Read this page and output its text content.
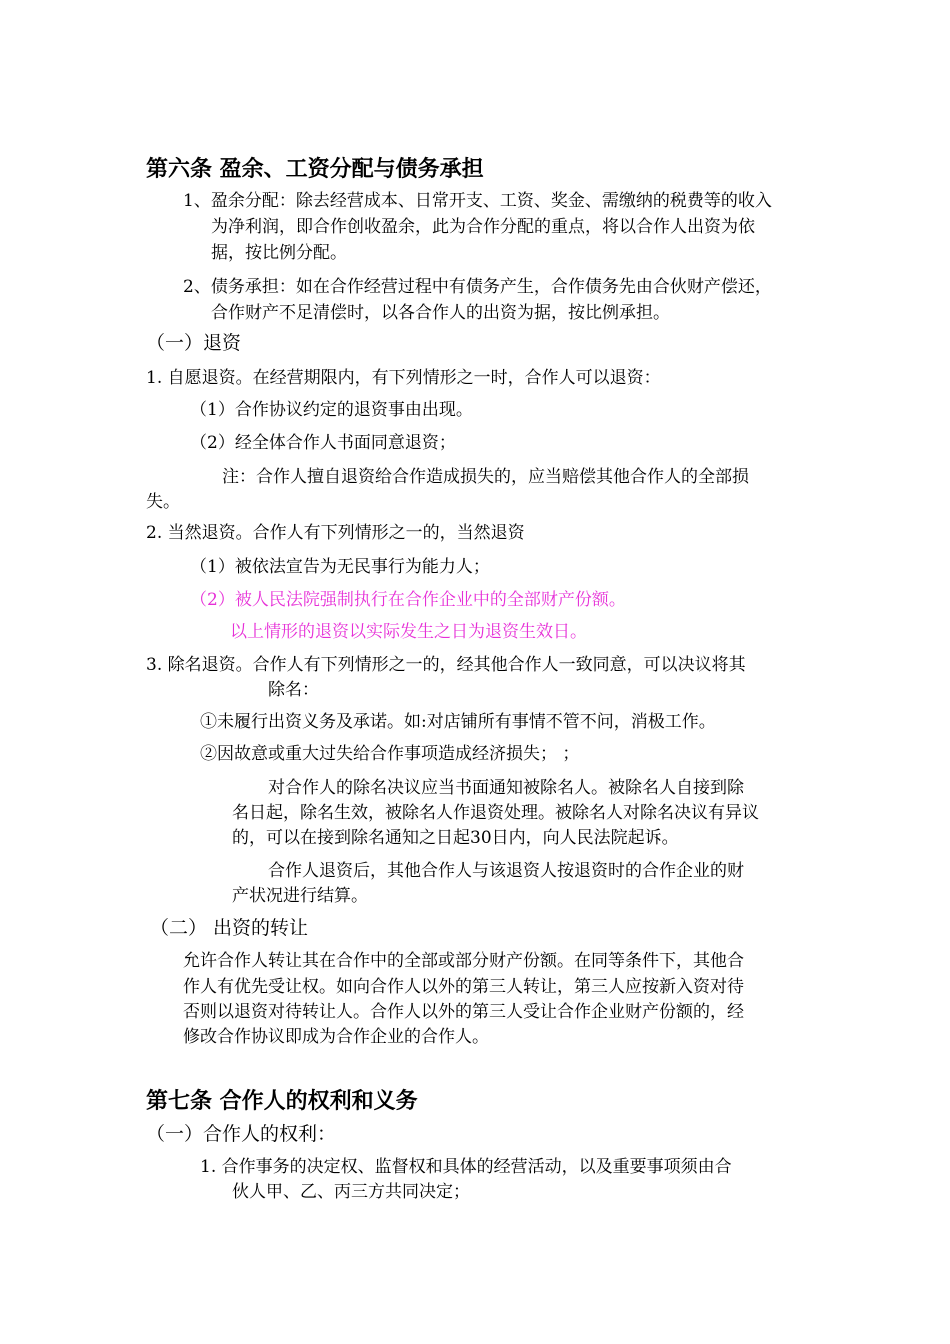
第六条 盈余、工资分配与债务承担
1、盈余分配：除去经营成本、日常开支、工资、奖金、需缴纳的税费等的收入
为净利润，即合作创收盈余，此为合作分配的重点，将以合作人出资为依
据，按比例分配。
2、债务承担：如在合作经营过程中有债务产生，合作债务先由合伙财产偿还，
合作财产不足清偿时，以各合作人的出资为据，按比例承担。
（一）退资
1. 自愿退资。在经营期限内，有下列情形之一时，合作人可以退资：
（1）合作协议约定的退资事由出现。
（2）经全体合作人书面同意退资；
注：合作人擅自退资给合作造成损失的，应当赔偿其他合作人的全部损
失。
2. 当然退资。合作人有下列情形之一的，当然退资
（1）被依法宣告为无民事行为能力人；
（2）被人民法院强制执行在合作企业中的全部财产份额。
以上情形的退资以实际发生之日为退资生效日。
3. 除名退资。合作人有下列情形之一的，经其他合作人一致同意，可以决议将其
除名：
①未履行出资义务及承诺。如:对店铺所有事情不管不问，消极工作。
②因故意或重大过失给合作事项造成经济损失； ；
对合作人的除名决议应当书面通知被除名人。被除名人自接到除
名日起，除名生效，被除名人作退资处理。被除名人对除名决议有异议
的，可以在接到除名通知之日起30日内，向人民法院起诉。
合作人退资后，其他合作人与该退资人按退资时的合作企业的财
产状况进行结算。
（二） 出资的转让
允许合作人转让其在合作中的全部或部分财产份额。在同等条件下，其他合
作人有优先受让权。如向合作人以外的第三人转让，第三人应按新入资对待
否则以退资对待转让人。合作人以外的第三人受让合作企业财产份额的，经
修改合作协议即成为合作企业的合作人。
第七条 合作人的权利和义务
（一）合作人的权利：
1. 合作事务的决定权、监督权和具体的经营活动，以及重要事项须由合
伙人甲、乙、丙三方共同决定；
